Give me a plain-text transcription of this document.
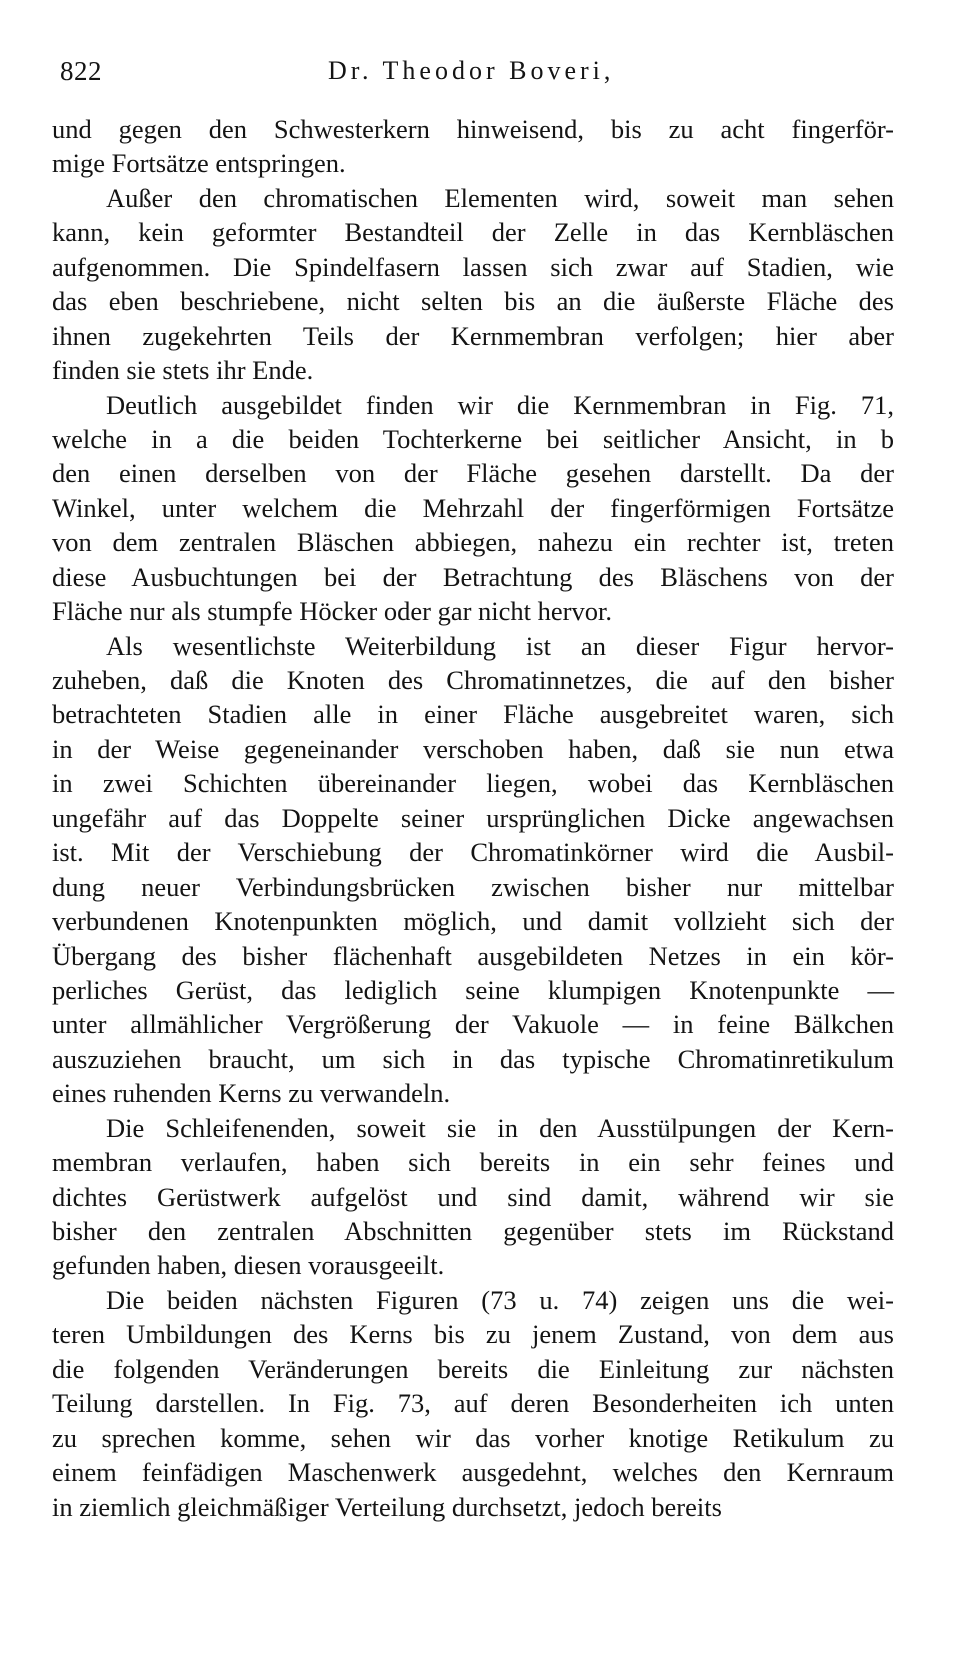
822	Dr. Theodor Boveri,
und gegen den Schwesterkern hinweisend, bis zu acht fingerför-
mige Fortsätze entspringen.
Außer den chromatischen Elementen wird, soweit man sehen
kann, kein geformter Bestandteil der Zelle in das Kernbläschen
aufgenommen. Die Spindelfasern lassen sich zwar auf Stadien, wie
das eben beschriebene, nicht selten bis an die äußerste Fläche des
ihnen zugekehrten Teils der Kernmembran verfolgen; hier aber
finden sie stets ihr Ende.
Deutlich ausgebildet finden wir die Kernmembran in Fig. 71,
welche in a die beiden Tochterkerne bei seitlicher Ansicht, in b
den einen derselben von der Fläche gesehen darstellt. Da der
Winkel, unter welchem die Mehrzahl der fingerförmigen Fortsätze
von dem zentralen Bläschen abbiegen, nahezu ein rechter ist, treten
diese Ausbuchtungen bei der Betrachtung des Bläschens von der
Fläche nur als stumpfe Höcker oder gar nicht hervor.
Als wesentlichste Weiterbildung ist an dieser Figur hervor-
zuheben, daß die Knoten des Chromatinnetzes, die auf den bisher
betrachteten Stadien alle in einer Fläche ausgebreitet waren, sich
in der Weise gegeneinander verschoben haben, daß sie nun etwa
in zwei Schichten übereinander liegen, wobei das Kernbläschen
ungefähr auf das Doppelte seiner ursprünglichen Dicke angewachsen
ist. Mit der Verschiebung der Chromatinkörner wird die Ausbil-
dung neuer Verbindungsbrücken zwischen bisher nur mittelbar
verbundenen Knotenpunkten möglich, und damit vollzieht sich der
Übergang des bisher flächenhaft ausgebildeten Netzes in ein kör-
perliches Gerüst, das lediglich seine klumpigen Knotenpunkte —
unter allmählicher Vergrößerung der Vakuole — in feine Bälkchen
auszuziehen braucht, um sich in das typische Chromatinretikulum
eines ruhenden Kerns zu verwandeln.
Die Schleifenenden, soweit sie in den Ausstülpungen der Kern-
membran verlaufen, haben sich bereits in ein sehr feines und
dichtes Gerüstwerk aufgelöst und sind damit, während wir sie
bisher den zentralen Abschnitten gegenüber stets im Rückstand
gefunden haben, diesen vorausgeeilt.
Die beiden nächsten Figuren (73 u. 74) zeigen uns die wei-
teren Umbildungen des Kerns bis zu jenem Zustand, von dem aus
die folgenden Veränderungen bereits die Einleitung zur nächsten
Teilung darstellen. In Fig. 73, auf deren Besonderheiten ich unten
zu sprechen komme, sehen wir das vorher knotige Retikulum zu
einem feinfädigen Maschenwerk ausgedehnt, welches den Kernraum
in ziemlich gleichmäßiger Verteilung durchsetzt, jedoch bereits
